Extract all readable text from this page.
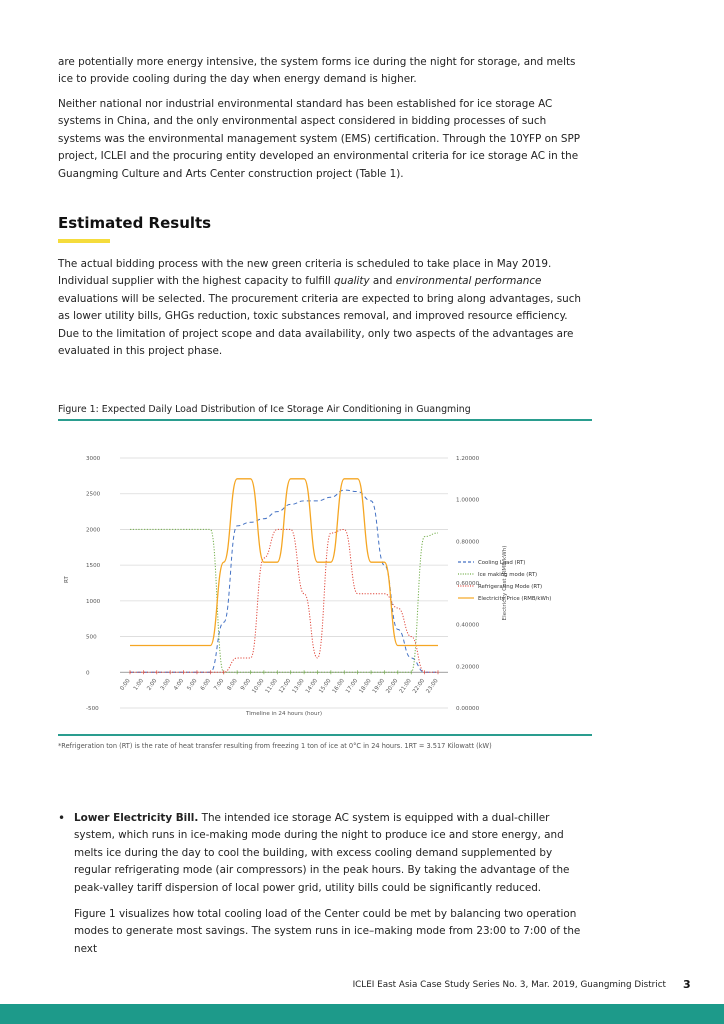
are potentially more energy intensive, the system forms ice during the night for storage, and melts ice to provide cooling during the day when energy demand is higher.

Neither national nor industrial environmental standard has been established for ice storage AC systems in China, and the only environmental aspect considered in bidding processes of such systems was the environmental management system (EMS) certification. Through the 10YFP on SPP project, ICLEI and the procuring entity developed an environmental criteria for ice storage AC in the Guangming Culture and Arts Center construction project (Table 1).

Estimated Results

The actual bidding process with the new green criteria is scheduled to take place in May 2019. Individual supplier with the highest capacity to fulfill quality and environmental performance evaluations will be selected. The procurement criteria are expected to bring along advantages, such as lower utility bills, GHGs reduction, toxic substances removal, and improved resource efficiency. Due to the limitation of project scope and data availability, only two aspects of the advantages are evaluated in this project phase.

Figure 1: Expected Daily Load Distribution of Ice Storage Air Conditioning in Guangming

3000
2500
2000
1500
1000
500
0
-500
1.20000
1.00000
0.80000
0.60000
0.40000
0.20000
0.00000
RT	Electricity Cost (RMB/kWh)
Timeline in 24 hours (hour)
0:00 1:00 2:00 3:00 4:00 5:00 6:00 7:00 8:00 9:00 10:00 11:00 12:00 13:00 14:00 15:00 16:00 17:00 18:00 19:00 20:00 21:00 22:00 23:00
Cooling Load (RT)
Ice making mode (RT)
Refrigerating Mode (RT)
Electricity Price (RMB/kWh)

*Refrigeration ton (RT) is the rate of heat transfer resulting from freezing 1 ton of ice at 0°C in 24 hours. 1RT = 3.517 Kilowatt (kW)

• Lower Electricity Bill. The intended ice storage AC system is equipped with a dual-chiller system, which runs in ice-making mode during the night to produce ice and store energy, and melts ice during the day to cool the building, with excess cooling demand supplemented by regular refrigerating mode (air compressors) in the peak hours. By taking the advantage of the peak-valley tariff dispersion of local power grid, utility bills could be significantly reduced.

Figure 1 visualizes how total cooling load of the Center could be met by balancing two operation modes to generate most savings. The system runs in ice–making mode from 23:00 to 7:00 of the next

ICLEI East Asia Case Study Series No. 3, Mar. 2019, Guangming District 3
